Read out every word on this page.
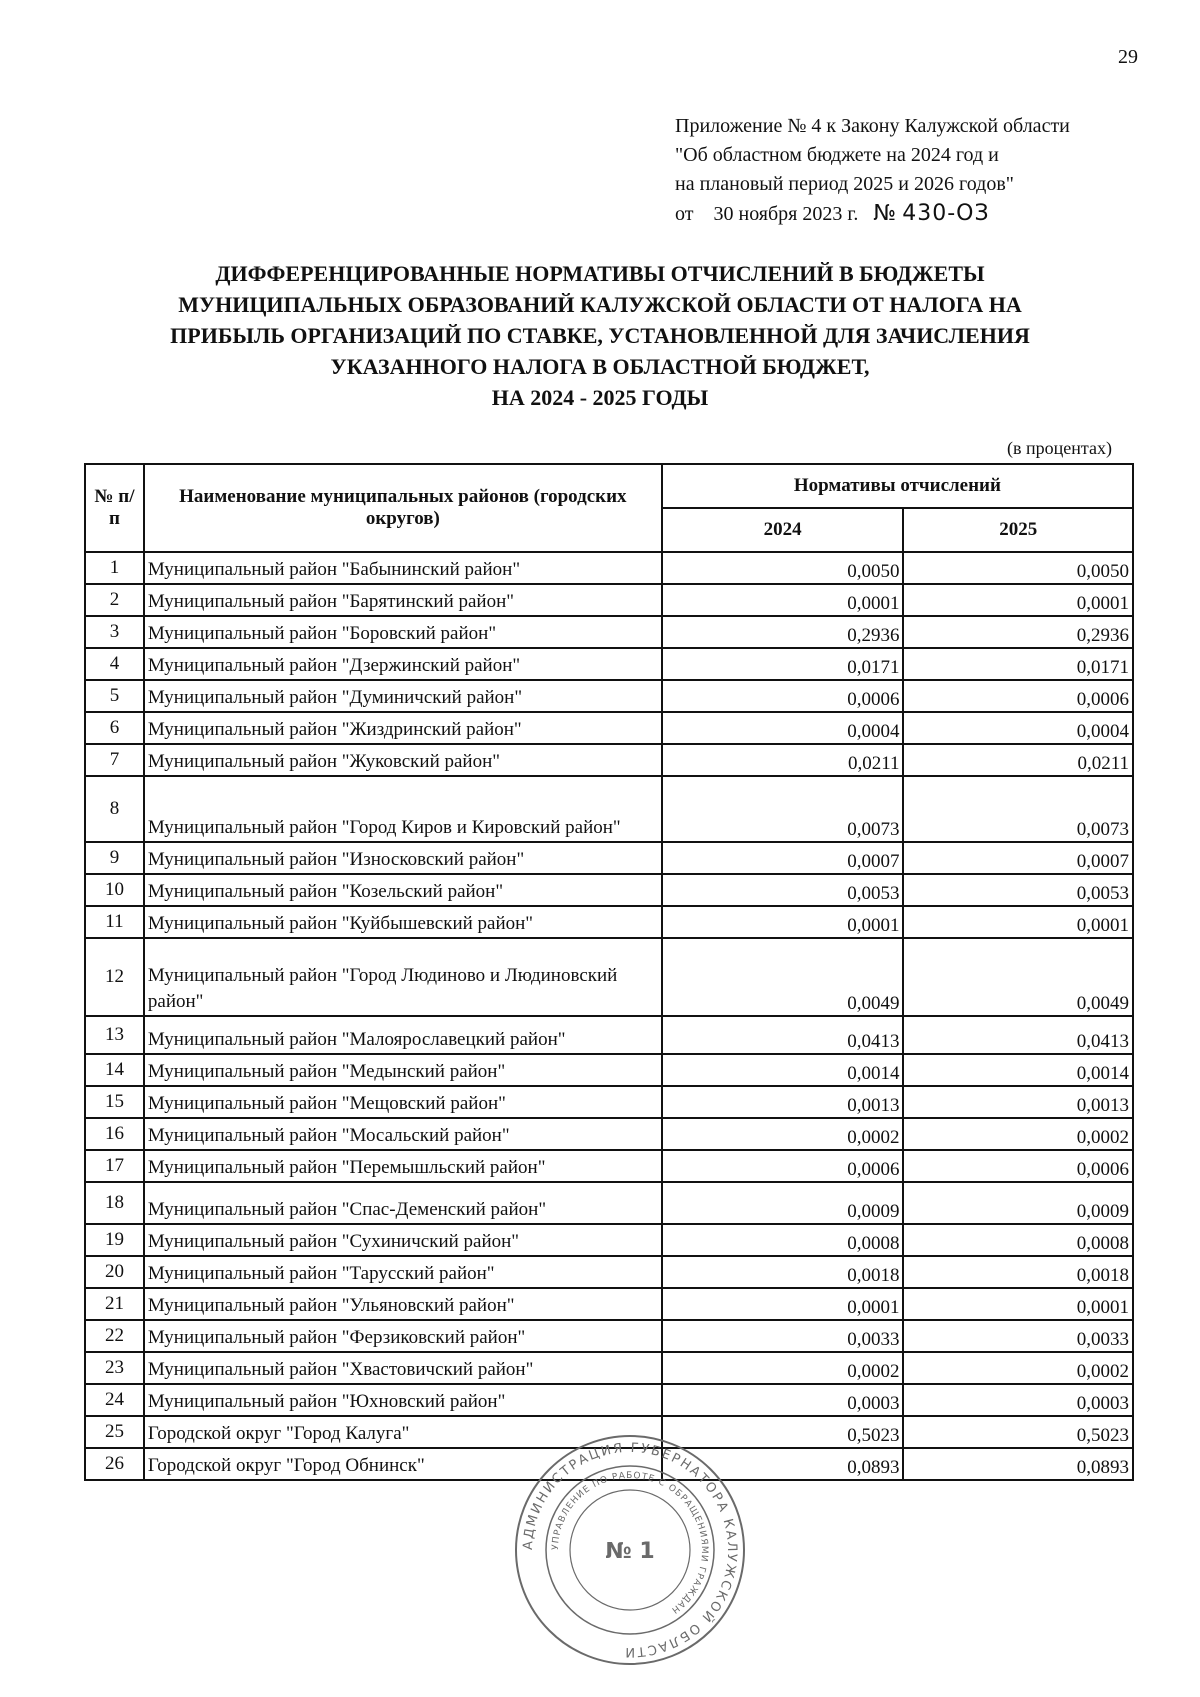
29
Приложение № 4 к Закону Калужской области
"Об областном бюджете на 2024 год и
на плановый период 2025 и 2026 годов"
от 30 ноября 2023 г. № 430-ОЗ
ДИФФЕРЕНЦИРОВАННЫЕ НОРМАТИВЫ ОТЧИСЛЕНИЙ В БЮДЖЕТЫ
МУНИЦИПАЛЬНЫХ ОБРАЗОВАНИЙ КАЛУЖСКОЙ ОБЛАСТИ ОТ НАЛОГА НА
ПРИБЫЛЬ ОРГАНИЗАЦИЙ ПО СТАВКЕ, УСТАНОВЛЕННОЙ ДЛЯ ЗАЧИСЛЕНИЯ
УКАЗАННОГО НАЛОГА В ОБЛАСТНОЙ БЮДЖЕТ,
НА 2024 - 2025 ГОДЫ
(в процентах)
№ п/п	Наименование муниципальных районов (городских округов)	Нормативы отчислений	
		2024	2025
1	Муниципальный район "Бабынинский район"	0,0050	0,0050
2	Муниципальный район "Барятинский район"	0,0001	0,0001
3	Муниципальный район "Боровский район"	0,2936	0,2936
4	Муниципальный район "Дзержинский район"	0,0171	0,0171
5	Муниципальный район "Думиничский район"	0,0006	0,0006
6	Муниципальный район "Жиздринский район"	0,0004	0,0004
7	Муниципальный район "Жуковский район"	0,0211	0,0211
8	Муниципальный район "Город Киров и Кировский район"	0,0073	0,0073
9	Муниципальный район "Износковский район"	0,0007	0,0007
10	Муниципальный район "Козельский район"	0,0053	0,0053
11	Муниципальный район "Куйбышевский район"	0,0001	0,0001
12	Муниципальный район "Город Людиново и Людиновский район"	0,0049	0,0049
13	Муниципальный район "Малоярославецкий район"	0,0413	0,0413
14	Муниципальный район "Медынский район"	0,0014	0,0014
15	Муниципальный район "Мещовский район"	0,0013	0,0013
16	Муниципальный район "Мосальский район"	0,0002	0,0002
17	Муниципальный район "Перемышльский район"	0,0006	0,0006
18	Муниципальный район "Спас-Деменский район"	0,0009	0,0009
19	Муниципальный район "Сухиничский район"	0,0008	0,0008
20	Муниципальный район "Тарусский район"	0,0018	0,0018
21	Муниципальный район "Ульяновский район"	0,0001	0,0001
22	Муниципальный район "Ферзиковский район"	0,0033	0,0033
23	Муниципальный район "Хвастовичский район"	0,0002	0,0002
24	Муниципальный район "Юхновский район"	0,0003	0,0003
25	Городской округ "Город Калуга"	0,5023	0,5023
26	Городской округ "Город Обнинск"	0,0893	0,0893
АДМИНИСТРАЦИЯ ГУБЕРНАТОРА КАЛУЖСКОЙ ОБЛАСТИ
УПРАВЛЕНИЕ ПО РАБОТЕ С ОБРАЩЕНИЯМИ ГРАЖДАН
№ 1
